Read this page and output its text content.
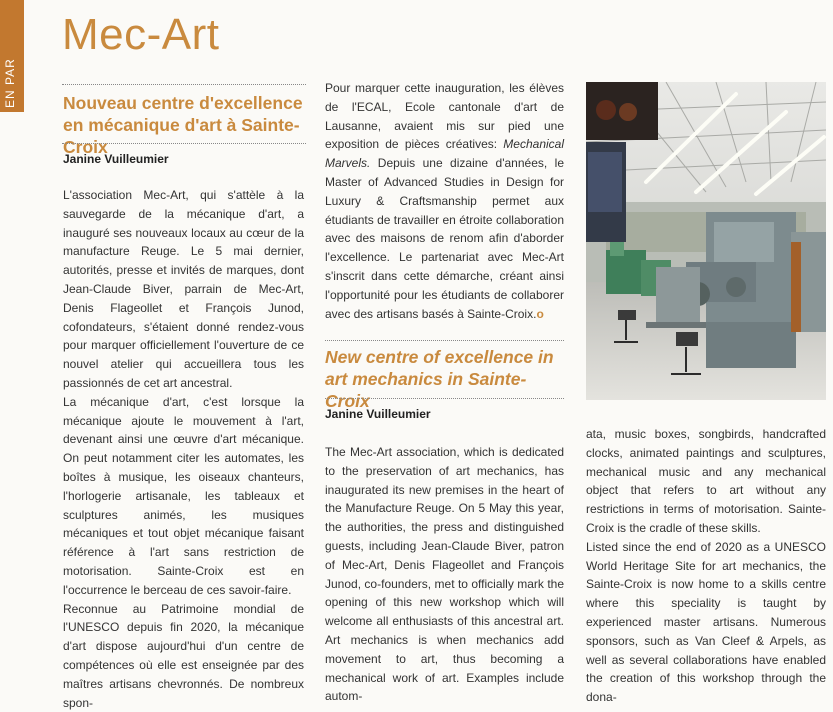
EN PAR
Mec-Art
Nouveau centre d'excellence en mécanique d'art à Sainte-Croix

Janine Vuilleumier

L'association Mec-Art, qui s'attèle à la sauvegarde de la mécanique d'art, a inauguré ses nouveaux locaux au cœur de la manufacture Reuge. Le 5 mai dernier, autorités, presse et invités de marques, dont Jean-Claude Biver, parrain de Mec-Art, Denis Flageollet et François Junod, cofondateurs, s'étaient donné rendez-vous pour marquer officiellement l'ouverture de ce nouvel atelier qui accueillera tous les passionnés de cet art ancestral.

La mécanique d'art, c'est lorsque la mécanique ajoute le mouvement à l'art, devenant ainsi une œuvre d'art mécanique. On peut notamment citer les automates, les boîtes à musique, les oiseaux chanteurs, l'horlogerie artisanale, les tableaux et sculptures animés, les musiques mécaniques et tout objet mécanique faisant référence à l'art sans restriction de motorisation. Sainte-Croix est en l'occurrence le berceau de ces savoir-faire.

Reconnue au Patrimoine mondial de l'UNESCO depuis fin 2020, la mécanique d'art dispose aujourd'hui d'un centre de compétences où elle est enseignée par des maîtres artisans chevronnés. De nombreux spon-

Pour marquer cette inauguration, les élèves de l'ECAL, Ecole cantonale d'art de Lausanne, avaient mis sur pied une exposition de pièces créatives: Mechanical Marvels. Depuis une dizaine d'années, le Master of Advanced Studies in Design for Luxury & Craftsmanship permet aux étudiants de travailler en étroite collaboration avec des maisons de renom afin d'aborder l'excellence. Le partenariat avec Mec-Art s'inscrit dans cette démarche, créant ainsi l'opportunité pour les étudiants de collaborer avec des artisans basés à Sainte-Croix.o

New centre of excellence in art mechanics in Sainte-Croix

Janine Vuilleumier

The Mec-Art association, which is dedicated to the preservation of art mechanics, has inaugurated its new premises in the heart of the Manufacture Reuge. On 5 May this year, the authorities, the press and distinguished guests, including Jean-Claude Biver, patron of Mec-Art, Denis Flageollet and François Junod, co-founders, met to officially mark the opening of this new workshop which will welcome all enthusiasts of this ancestral art. Art mechanics is when mechanics add movement to art, thus becoming a mechanical work of art. Examples include autom-

ata, music boxes, songbirds, handcrafted clocks, animated paintings and sculptures, mechanical music and any mechanical object that refers to art without any restrictions in terms of motorisation. Sainte-Croix is the cradle of these skills.

Listed since the end of 2020 as a UNESCO World Heritage Site for art mechanics, the Sainte-Croix is now home to a skills centre where this speciality is taught by experienced master artisans. Numerous sponsors, such as Van Cleef & Arpels, as well as several collaborations have enabled the creation of this workshop through the dona-
